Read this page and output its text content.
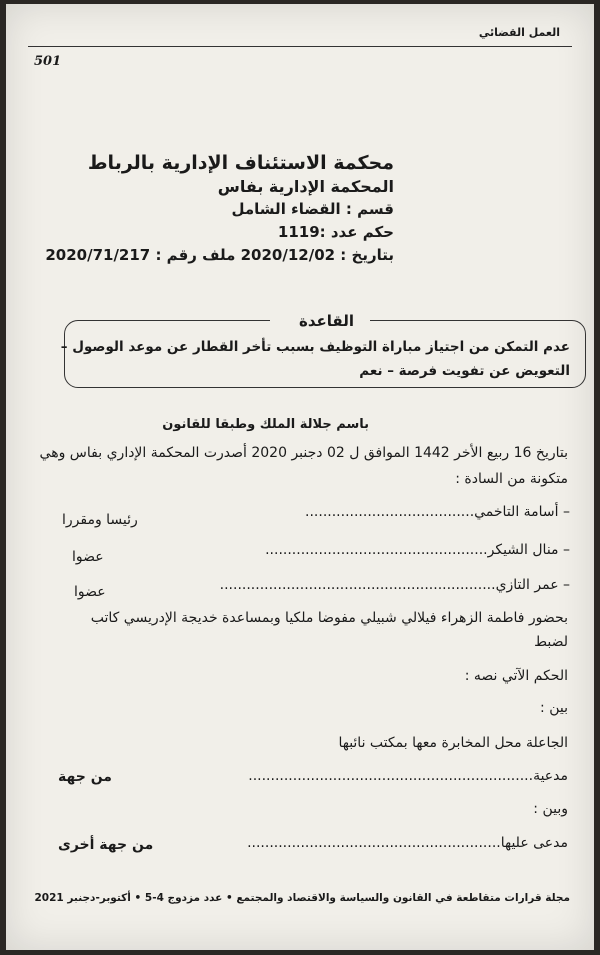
العمل القضائي
501
محكمة الاستئناف الإدارية بالرباط
المحكمة الإدارية بفاس
قسم : القضاء الشامل
حكم عدد :1119
بتاريخ : 2020/12/02 ملف رقم : 2020/71/217
القاعدة
عدم التمكن من اجتياز مباراة التوظيف بسبب تأخر القطار عن موعد الوصول –
التعويض عن تفويت فرصة – نعم
باسم جلالة الملك وطبقا للقانون
بتاريخ 16 ربيع الأخر 1442 الموافق ل 02 دجنبر 2020 أصدرت المحكمة الإداري بفاس وهي
متكونة من السادة :
– أسامة التاخمي......................................
رئيسا ومقررا
– منال الشيكر..................................................
عضوا
– عمر التازي..............................................................
عضوا
بحضور فاطمة الزهراء فيلالي شبيلي مفوضا ملكيا وبمساعدة خديجة الإدريسي كاتب
لضبط
الحكم الآتي نصه :
بين :
الجاعلة محل المخابرة معها بمكتب نائبها
مدعية................................................................
من جهة
وبين :
مدعى عليها.........................................................
من جهة أخرى
مجلة قرارات متقاطعة في القانون والسياسة والاقتصاد والمجتمع • عدد مزدوج 4-5 • أكتوبر-دجنبر 2021
